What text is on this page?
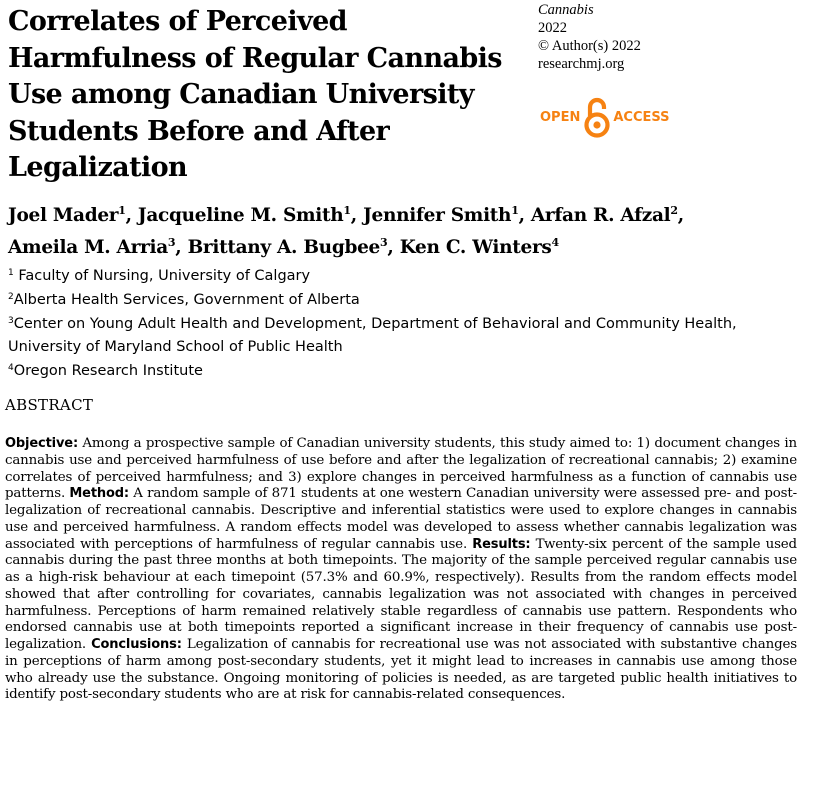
Correlates of Perceived Harmfulness of Regular Cannabis Use among Canadian University Students Before and After Legalization
Cannabis
2022
© Author(s) 2022
researchmj.org
OPEN	ACCESS

Joel Mader$^1$, Jacqueline M. Smith$^1$, Jennifer Smith$^1$, Arfan R. Afzal$^2$,
Ameila M. Arria$^3$, Brittany A. Bugbee$^3$, Ken C. Winters$^4$

$^1$ Faculty of Nursing, University of Calgary
$^2$Alberta Health Services, Government of Alberta
$^3$Center on Young Adult Health and Development, Department of Behavioral and Community Health, University of Maryland School of Public Health
$^4$Oregon Research Institute
ABSTRACT

Objective: Among a prospective sample of Canadian university students, this study aimed to: 1) document changes in cannabis use and perceived harmfulness of use before and after the legalization of recreational cannabis; 2) examine correlates of perceived harmfulness; and 3) explore changes in perceived harmfulness as a function of cannabis use patterns. Method: A random sample of 871 students at one western Canadian university were assessed pre- and post-legalization of recreational cannabis. Descriptive and inferential statistics were used to explore changes in cannabis use and perceived harmfulness. A random effects model was developed to assess whether cannabis legalization was associated with perceptions of harmfulness of regular cannabis use. Results: Twenty-six percent of the sample used cannabis during the past three months at both timepoints. The majority of the sample perceived regular cannabis use as a high-risk behaviour at each timepoint (57.3% and 60.9%, respectively). Results from the random effects model showed that after controlling for covariates, cannabis legalization was not associated with changes in perceived harmfulness. Perceptions of harm remained relatively stable regardless of cannabis use pattern. Respondents who endorsed cannabis use at both timepoints reported a significant increase in their frequency of cannabis use post-legalization. Conclusions: Legalization of cannabis for recreational use was not associated with substantive changes in perceptions of harm among post-secondary students, yet it might lead to increases in cannabis use among those who already use the substance. Ongoing monitoring of policies is needed, as are targeted public health initiatives to identify post-secondary students who are at risk for cannabis-related consequences.
